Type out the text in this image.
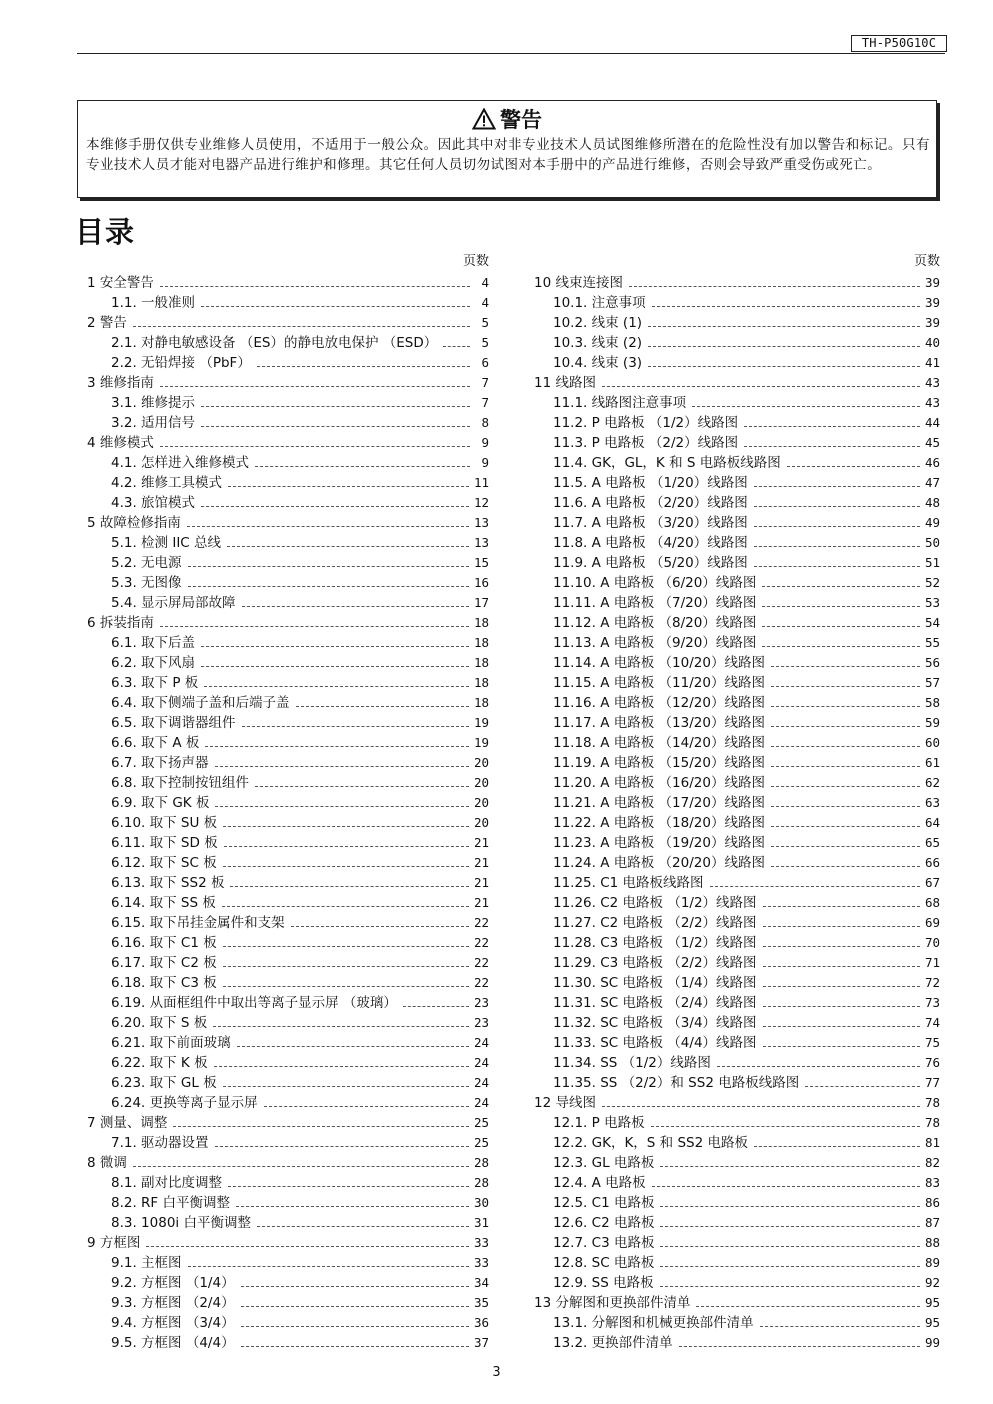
TH-P50G10C
警告
本维修手册仅供专业维修人员使用，不适用于一般公众。因此其中对非专业技术人员试图维修所潜在的危险性没有加以警告和标记。只有专业技术人员才能对电器产品进行维护和修理。其它任何人员切勿试图对本手册中的产品进行维修，否则会导致严重受伤或死亡。
目录
页数
1 安全警告	4
1.1. 一般准则	4
2 警告	5
2.1. 对静电敏感设备 （ES）的静电放电保护 （ESD）	5
2.2. 无铅焊接 （PbF）	6
3 维修指南	7
3.1. 维修提示	7
3.2. 适用信号	8
4 维修模式	9
4.1. 怎样进入维修模式	9
4.2. 维修工具模式	11
4.3. 旅馆模式	12
5 故障检修指南	13
5.1. 检测 IIC 总线	13
5.2. 无电源	15
5.3. 无图像	16
5.4. 显示屏局部故障	17
6 拆装指南	18
6.1. 取下后盖	18
6.2. 取下风扇	18
6.3. 取下 P 板	18
6.4. 取下侧端子盖和后端子盖	18
6.5. 取下调谐器组件	19
6.6. 取下 A 板	19
6.7. 取下扬声器	20
6.8. 取下控制按钮组件	20
6.9. 取下 GK 板	20
6.10. 取下 SU 板	20
6.11. 取下 SD 板	21
6.12. 取下 SC 板	21
6.13. 取下 SS2 板	21
6.14. 取下 SS 板	21
6.15. 取下吊挂金属件和支架	22
6.16. 取下 C1 板	22
6.17. 取下 C2 板	22
6.18. 取下 C3 板	22
6.19. 从面框组件中取出等离子显示屏 （玻璃）	23
6.20. 取下 S 板	23
6.21. 取下前面玻璃	24
6.22. 取下 K 板	24
6.23. 取下 GL 板	24
6.24. 更换等离子显示屏	24
7 测量、调整	25
7.1. 驱动器设置	25
8 微调	28
8.1. 副对比度调整	28
8.2. RF 白平衡调整	30
8.3. 1080i 白平衡调整	31
9 方框图	33
9.1. 主框图	33
9.2. 方框图 （1/4）	34
9.3. 方框图 （2/4）	35
9.4. 方框图 （3/4）	36
9.5. 方框图 （4/4）	37
页数
10 线束连接图	39
10.1. 注意事项	39
10.2. 线束 (1)	39
10.3. 线束 (2)	40
10.4. 线束 (3)	41
11 线路图	43
11.1. 线路图注意事项	43
11.2. P 电路板 （1/2）线路图	44
11.3. P 电路板 （2/2）线路图	45
11.4. GK，GL，K 和 S 电路板线路图	46
11.5. A 电路板 （1/20）线路图	47
11.6. A 电路板 （2/20）线路图	48
11.7. A 电路板 （3/20）线路图	49
11.8. A 电路板 （4/20）线路图	50
11.9. A 电路板 （5/20）线路图	51
11.10. A 电路板 （6/20）线路图	52
11.11. A 电路板 （7/20）线路图	53
11.12. A 电路板 （8/20）线路图	54
11.13. A 电路板 （9/20）线路图	55
11.14. A 电路板 （10/20）线路图	56
11.15. A 电路板 （11/20）线路图	57
11.16. A 电路板 （12/20）线路图	58
11.17. A 电路板 （13/20）线路图	59
11.18. A 电路板 （14/20）线路图	60
11.19. A 电路板 （15/20）线路图	61
11.20. A 电路板 （16/20）线路图	62
11.21. A 电路板 （17/20）线路图	63
11.22. A 电路板 （18/20）线路图	64
11.23. A 电路板 （19/20）线路图	65
11.24. A 电路板 （20/20）线路图	66
11.25. C1 电路板线路图	67
11.26. C2 电路板 （1/2）线路图	68
11.27. C2 电路板 （2/2）线路图	69
11.28. C3 电路板 （1/2）线路图	70
11.29. C3 电路板 （2/2）线路图	71
11.30. SC 电路板 （1/4）线路图	72
11.31. SC 电路板 （2/4）线路图	73
11.32. SC 电路板 （3/4）线路图	74
11.33. SC 电路板 （4/4）线路图	75
11.34. SS （1/2）线路图	76
11.35. SS （2/2）和 SS2 电路板线路图	77
12 导线图	78
12.1. P 电路板	78
12.2. GK，K，S 和 SS2 电路板	81
12.3. GL 电路板	82
12.4. A 电路板	83
12.5. C1 电路板	86
12.6. C2 电路板	87
12.7. C3 电路板	88
12.8. SC 电路板	89
12.9. SS 电路板	92
13 分解图和更换部件清单	95
13.1. 分解图和机械更换部件清单	95
13.2. 更换部件清单	99
3
